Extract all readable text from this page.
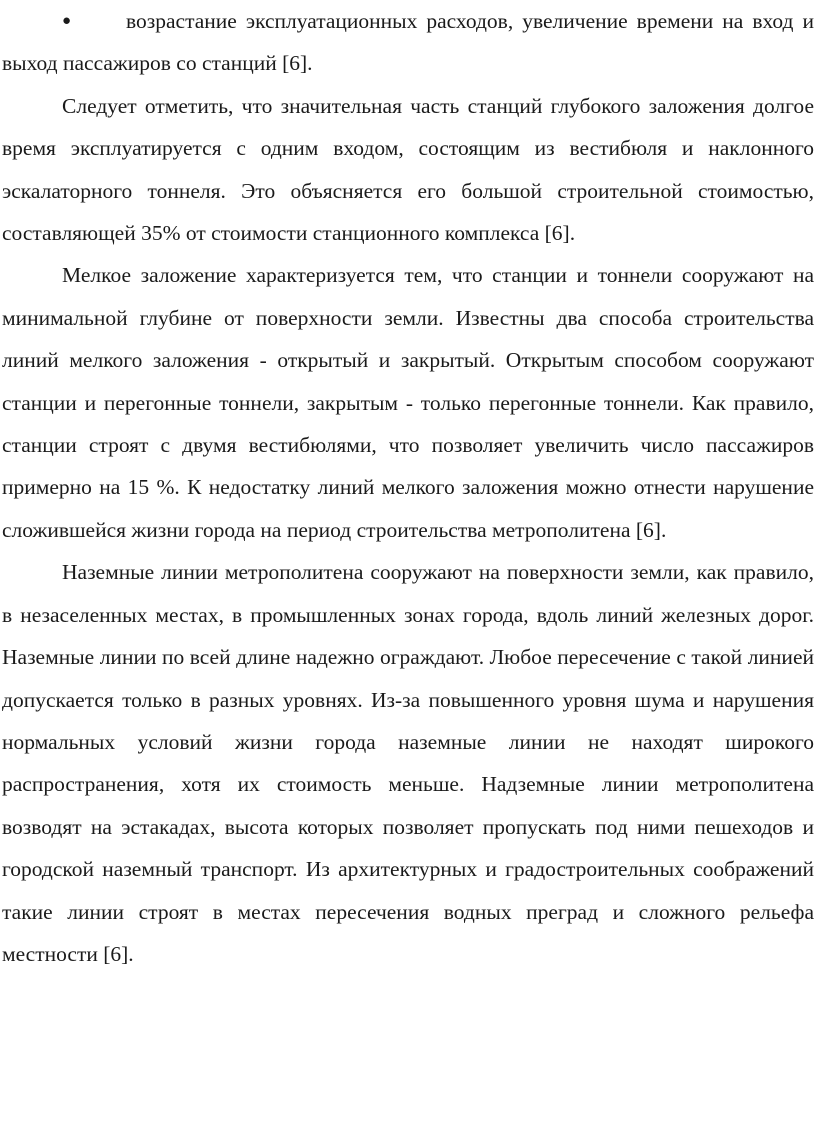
●	возрастание эксплуатационных расходов, увеличение времени на вход и выход пассажиров со станций [6].

Следует отметить, что значительная часть станций глубокого заложения долгое время эксплуатируется с одним входом, состоящим из вестибюля и наклонного эскалаторного тоннеля. Это объясняется его большой строительной стоимостью, составляющей 35% от стоимости станционного комплекса [6].

Мелкое заложение характеризуется тем, что станции и тоннели сооружают на минимальной глубине от поверхности земли. Известны два способа строительства линий мелкого заложения - открытый и закрытый. Открытым способом сооружают станции и перегонные тоннели, закрытым - только перегонные тоннели. Как правило, станции строят с двумя вестибюлями, что позволяет увеличить число пассажиров примерно на 15 %. К недостатку линий мелкого заложения можно отнести нарушение сложившейся жизни города на период строительства метрополитена [6].

Наземные линии метрополитена сооружают на поверхности земли, как правило, в незаселенных местах, в промышленных зонах города, вдоль линий железных дорог. Наземные линии по всей длине надежно ограждают. Любое пересечение с такой линией допускается только в разных уровнях. Из-за повышенного уровня шума и нарушения нормальных условий жизни города наземные линии не находят широкого распространения, хотя их стоимость меньше. Надземные линии метрополитена возводят на эстакадах, высота которых позволяет пропускать под ними пешеходов и городской наземный транспорт. Из архитектурных и градостроительных соображений такие линии строят в местах пересечения водных преград и сложного рельефа местности [6].
